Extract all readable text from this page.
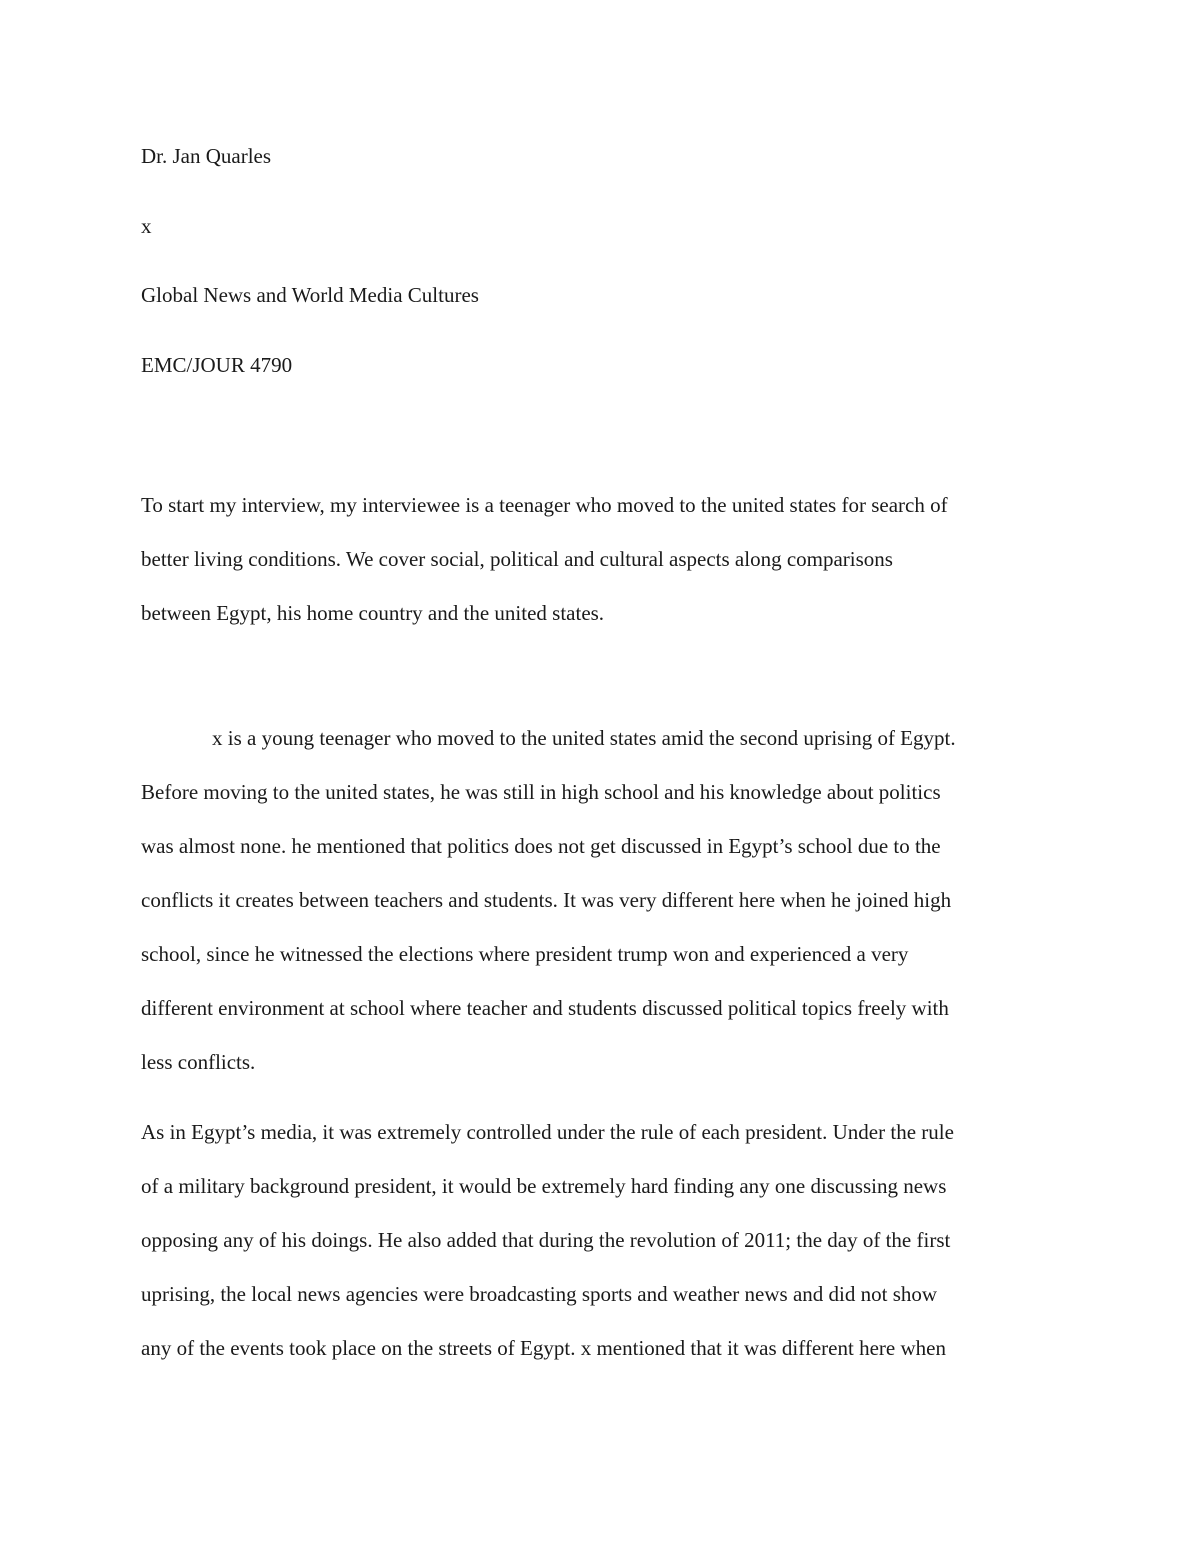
Dr. Jan Quarles

x

Global News and World Media Cultures

EMC/JOUR 4790

To start my interview, my interviewee is a teenager who moved to the united states for search of

better living conditions. We cover social, political and cultural aspects along comparisons

between Egypt, his home country and the united states.

x is a young teenager who moved to the united states amid the second uprising of Egypt.

Before moving to the united states, he was still in high school and his knowledge about politics

was almost none. he mentioned that politics does not get discussed in Egypt’s school due to the

conflicts it creates between teachers and students. It was very different here when he joined high

school, since he witnessed the elections where president trump won and experienced a very

different environment at school where teacher and students discussed political topics freely with

less conflicts.

As in Egypt’s media, it was extremely controlled under the rule of each president. Under the rule

of a military background president, it would be extremely hard finding any one discussing news

opposing any of his doings. He also added that during the revolution of 2011; the day of the first

uprising, the local news agencies were broadcasting sports and weather news and did not show

any of the events took place on the streets of Egypt. x mentioned that it was different here when
